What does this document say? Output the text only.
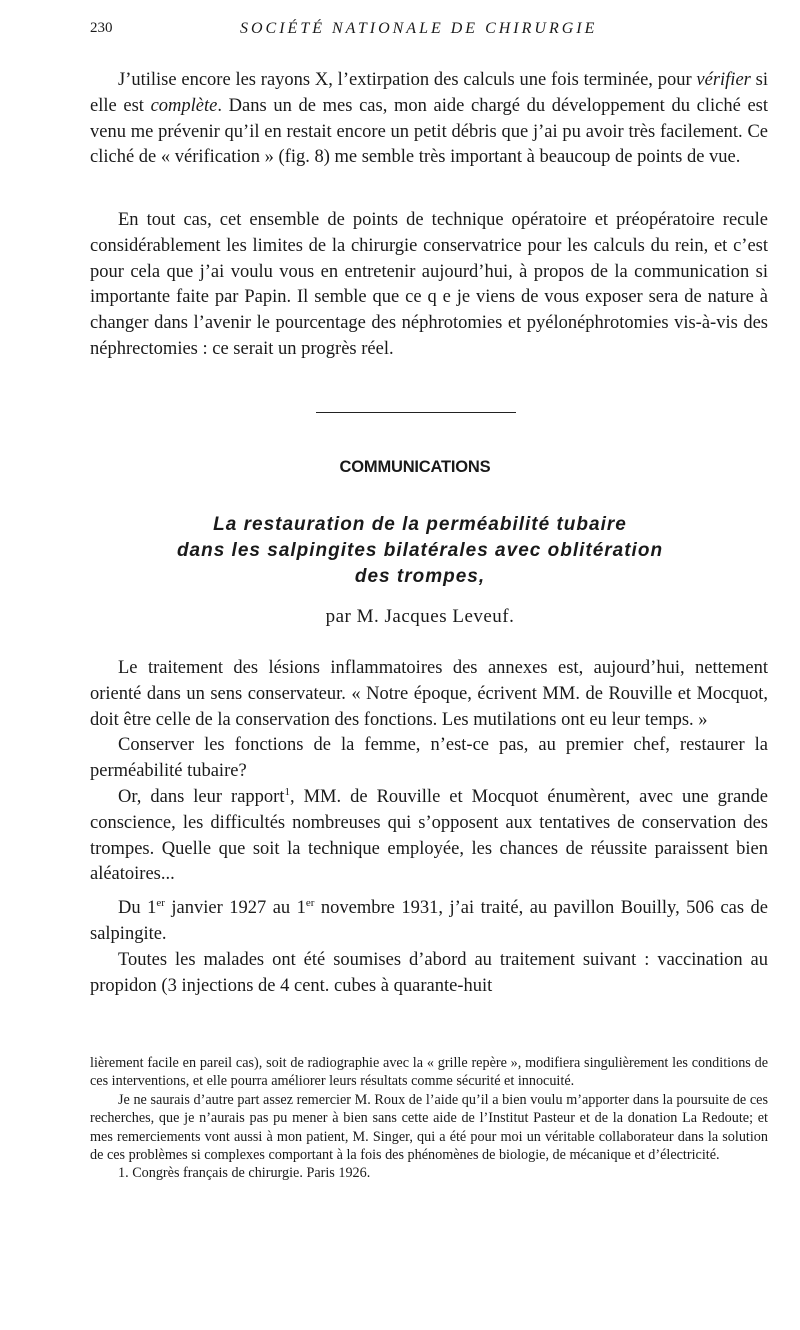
230	SOCIÉTÉ NATIONALE DE CHIRURGIE

J’utilise encore les rayons X, l’extirpation des calculs une fois terminée, pour vérifier si elle est complète. Dans un de mes cas, mon aide chargé du développement du cliché est venu me prévenir qu’il en restait encore un petit débris que j’ai pu avoir très facilement. Ce cliché de « vérification » (fig. 8) me semble très important à beaucoup de points de vue.

En tout cas, cet ensemble de points de technique opératoire et préopératoire recule considérablement les limites de la chirurgie conservatrice pour les calculs du rein, et c’est pour cela que j’ai voulu vous en entretenir aujourd’hui, à propos de la communication si importante faite par Papin. Il semble que ce q e je viens de vous exposer sera de nature à changer dans l’avenir le pourcentage des néphrotomies et pyélonéphrotomies vis-à-vis des néphrectomies : ce serait un progrès réel.

COMMUNICATIONS
La restauration de la perméabilité tubaire
dans les salpingites bilatérales avec oblitération
des trompes,
par M. Jacques Leveuf.

Le traitement des lésions inflammatoires des annexes est, aujourd’hui, nettement orienté dans un sens conservateur. « Notre époque, écrivent MM. de Rouville et Mocquot, doit être celle de la conservation des fonctions. Les mutilations ont eu leur temps. »

Conserver les fonctions de la femme, n’est-ce pas, au premier chef, restaurer la perméabilité tubaire?

Or, dans leur rapport$^1$, MM. de Rouville et Mocquot énumèrent, avec une grande conscience, les difficultés nombreuses qui s’opposent aux tentatives de conservation des trompes. Quelle que soit la technique employée, les chances de réussite paraissent bien aléatoires...

Du 1er janvier 1927 au 1er novembre 1931, j’ai traité, au pavillon Bouilly, 506 cas de salpingite.

Toutes les malades ont été soumises d’abord au traitement suivant : vaccination au propidon (3 injections de 4 cent. cubes à quarante-huit

lièrement facile en pareil cas), soit de radiographie avec la « grille repère », modifiera singulièrement les conditions de ces interventions, et elle pourra améliorer leurs résultats comme sécurité et innocuité.

Je ne saurais d’autre part assez remercier M. Roux de l’aide qu’il a bien voulu m’apporter dans la poursuite de ces recherches, que je n’aurais pas pu mener à bien sans cette aide de l’Institut Pasteur et de la donation La Redoute; et mes remerciements vont aussi à mon patient, M. Singer, qui a été pour moi un véritable collaborateur dans la solution de ces problèmes si complexes comportant à la fois des phénomènes de biologie, de mécanique et d’électricité.

1. Congrès français de chirurgie. Paris 1926.
